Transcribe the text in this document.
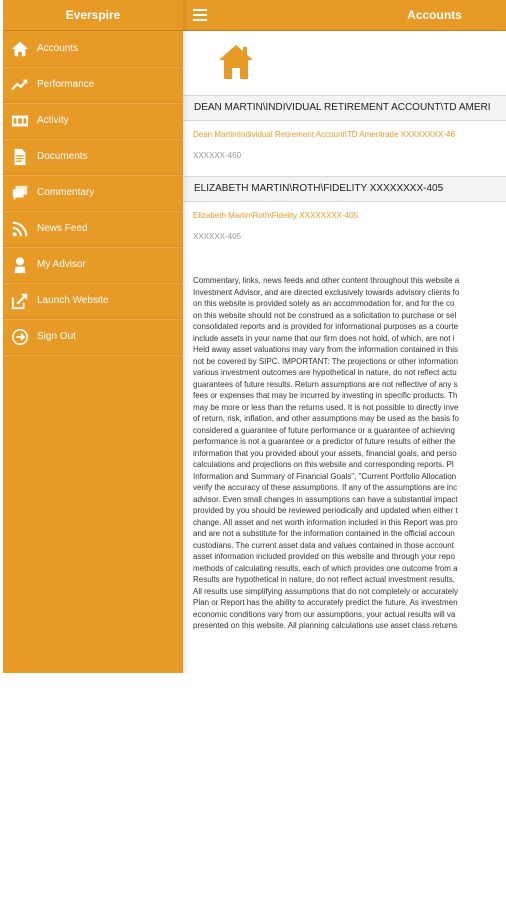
Everspire
Accounts
Performance
Activity
Documents
Commentary
News Feed
My Advisor
Launch Website
Sign Out
Accounts
DEAN MARTIN\INDIVIDUAL RETIREMENT ACCOUNT\TD AMERI
Dean Martin\Individual Retirement Account\TD Ameritrade XXXXXXXX-46
XXXXXX-460
ELIZABETH MARTIN\ROTH\FIDELITY XXXXXXXX-405
Elizabeth Martin\Roth\Fidelity XXXXXXXX-405
XXXXXX-405

Commentary, links, news feeds and other content throughout this website a

Investment Advisor, and are directed exclusively towards advisory clients fo

on this website is provided solely as an accommodation for, and for the co

on this website should not be construed as a solicitation to purchase or sel

consolidated reports and is provided for informational purposes as a courte

include assets in your name that our firm does not hold, of which, are not i

Held away asset valuations may vary from the information contained in this

not be covered by SIPC. IMPORTANT: The projections or other information

various investment outcomes are hypothetical in nature, do not reflect actu

guarantees of future results. Return assumptions are not reflective of any s

fees or expenses that may be incurred by investing in specific products. Th

may be more or less than the returns used. It is not possible to directly inve

of return, risk, inflation, and other assumptions may be used as the basis fo

considered a guarantee of future performance or a guarantee of achieving

performance is not a guarantee or a predictor of future results of either the

information that you provided about your assets, financial goals, and perso

calculations and projections on this website and corresponding reports. Pl

Information and Summary of Financial Goals", "Current Portfolio Allocation

verify the accuracy of these assumptions. If any of the assumptions are inc

advisor. Even small changes in assumptions can have a substantial impact

provided by you should be reviewed periodically and updated when either t

change. All asset and net worth information included in this Report was pro

and are not a substitute for the information contained in the official accoun

custodians. The current asset data and values contained in those account

asset information included provided on this website and through your repo

methods of calculating results, each of which provides one outcome from a

Results are hypothetical in nature, do not reflect actual investment results,

All results use simplifying assumptions that do not completely or accurately

Plan or Report has the ability to accurately predict the future. As investmen

economic conditions vary from our assumptions, your actual results will va

presented on this website. All planning calculations use asset class returns
